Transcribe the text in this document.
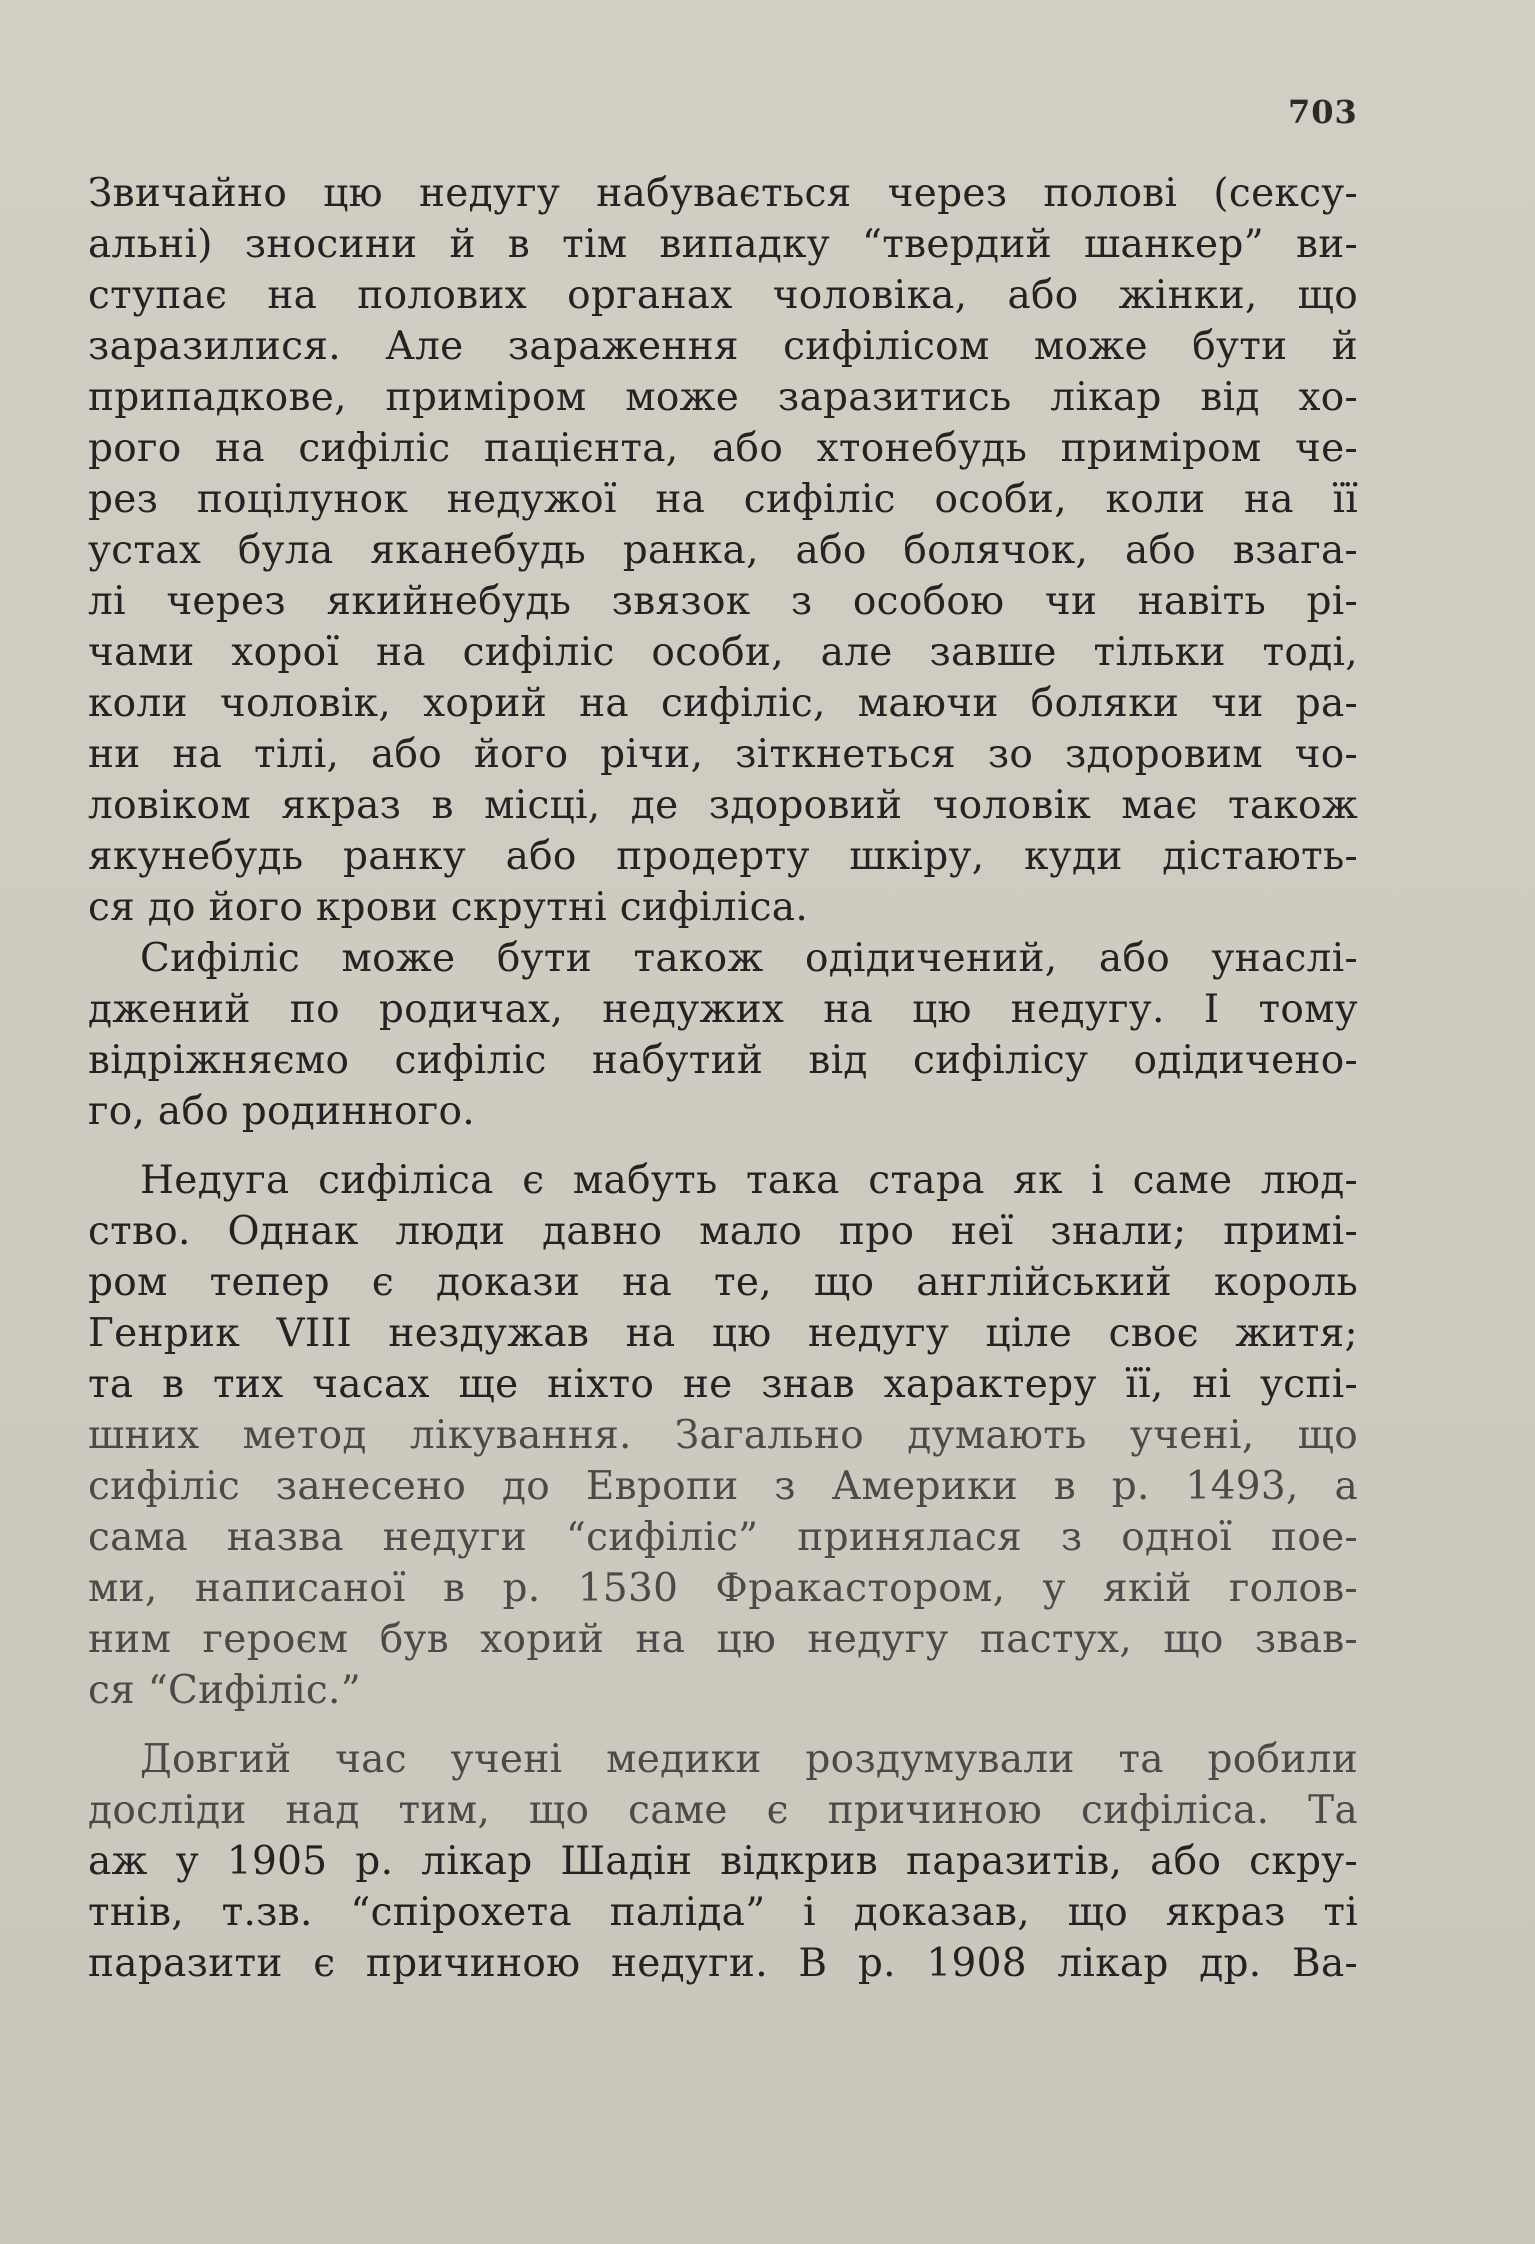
703
Звичайно цю недугу набувається через полові (сексу-
альні) зносини й в тім випадку “твердий шанкер” ви-
ступає на полових органах чоловіка, або жінки, що
заразилися. Але зараження сифілісом може бути й
припадкове, приміром може заразитись лікар від хо-
рого на сифіліс пацієнта, або хтонебудь приміром че-
рез поцілунок недужої на сифіліс особи, коли на її
устах була яканебудь ранка, або болячок, або взага-
лі через якийнебудь звязок з особою чи навіть рі-
чами хорої на сифіліс особи, але завше тільки тоді,
коли чоловік, хорий на сифіліс, маючи боляки чи ра-
ни на тілі, або його річи, зіткнеться зо здоровим чо-
ловіком якраз в місці, де здоровий чоловік має також
якунебудь ранку або продерту шкіру, куди дістають-
ся до його крови скрутні сифіліса.
Сифіліс може бути також одідичений, або унаслі-
джений по родичах, недужих на цю недугу. І тому
відріжняємо сифіліс набутий від сифілісу одідичено-
го, або родинного.
Недуга сифіліса є мабуть така стара як і саме люд-
ство. Однак люди давно мало про неї знали; примі-
ром тепер є докази на те, що англійський король
Генрик VIII нездужав на цю недугу ціле своє житя;
та в тих часах ще ніхто не знав характеру її, ні успі-
шних метод лікування. Загально думають учені, що
сифіліс занесено до Европи з Америки в р. 1493, а
сама назва недуги “сифіліс” принялася з одної пое-
ми, написаної в р. 1530 Фракастором, у якій голов-
ним героєм був хорий на цю недугу пастух, що звав-
ся “Сифіліс.”
Довгий час учені медики роздумували та робили
досліди над тим, що саме є причиною сифіліса. Та
аж у 1905 р. лікар Шадін відкрив паразитів, або скру-
тнів, т.зв. “спірохета паліда” і доказав, що якраз ті
паразити є причиною недуги. В р. 1908 лікар др. Ва-
